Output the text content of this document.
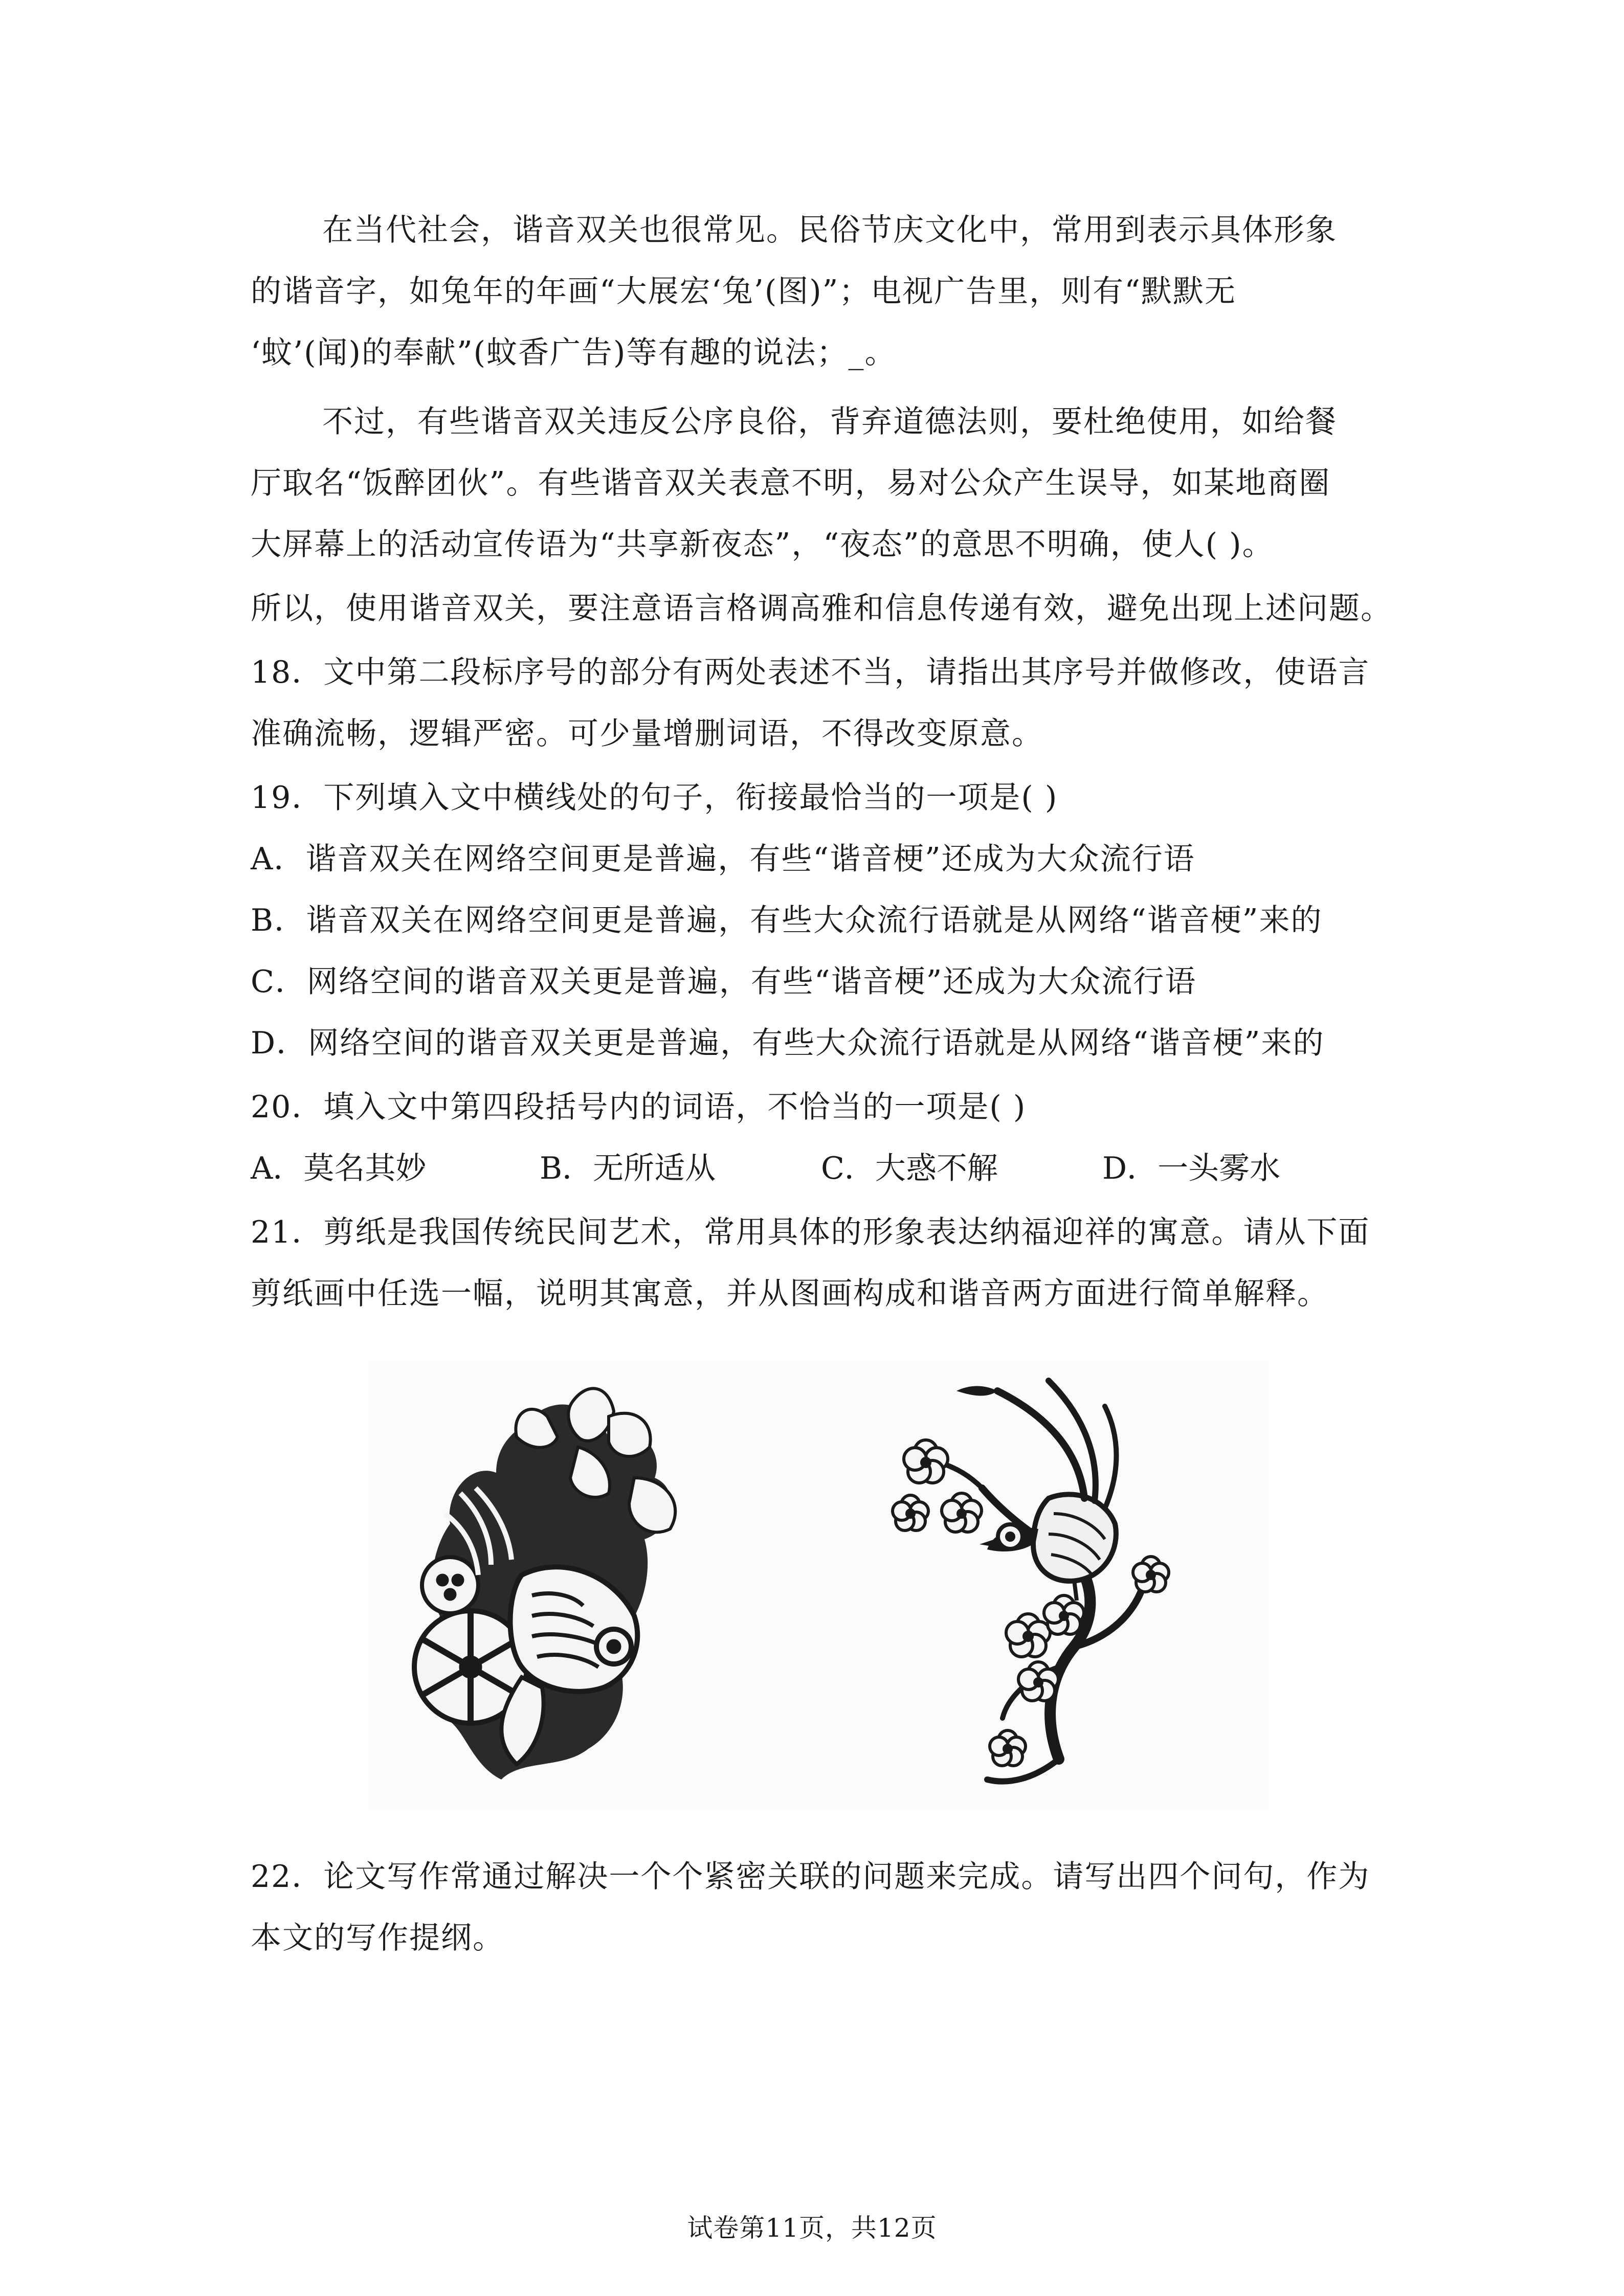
在当代社会，谐音双关也很常见。民俗节庆文化中，常用到表示具体形象
的谐音字，如兔年的年画“大展宏‘兔’(图)”；电视广告里，则有“默默无
‘蚊’(闻)的奉献”(蚊香广告)等有趣的说法；_。
不过，有些谐音双关违反公序良俗，背弃道德法则，要杜绝使用，如给餐
厅取名“饭醉团伙”。有些谐音双关表意不明，易对公众产生误导，如某地商圈
大屏幕上的活动宣传语为“共享新夜态”，“夜态”的意思不明确，使人( )。
所以，使用谐音双关，要注意语言格调高雅和信息传递有效，避免出现上述问题。
18．文中第二段标序号的部分有两处表述不当，请指出其序号并做修改，使语言
准确流畅，逻辑严密。可少量增删词语，不得改变原意。
19．下列填入文中横线处的句子，衔接最恰当的一项是( )
A．谐音双关在网络空间更是普遍，有些“谐音梗”还成为大众流行语
B．谐音双关在网络空间更是普遍，有些大众流行语就是从网络“谐音梗”来的
C．网络空间的谐音双关更是普遍，有些“谐音梗”还成为大众流行语
D．网络空间的谐音双关更是普遍，有些大众流行语就是从网络“谐音梗”来的
20．填入文中第四段括号内的词语，不恰当的一项是( )
A．莫名其妙	B．无所适从	C．大惑不解	D．一头雾水
21．剪纸是我国传统民间艺术，常用具体的形象表达纳福迎祥的寓意。请从下面
剪纸画中任选一幅，说明其寓意，并从图画构成和谐音两方面进行简单解释。
22．论文写作常通过解决一个个紧密关联的问题来完成。请写出四个问句，作为
本文的写作提纲。
试卷第11页，共12页
